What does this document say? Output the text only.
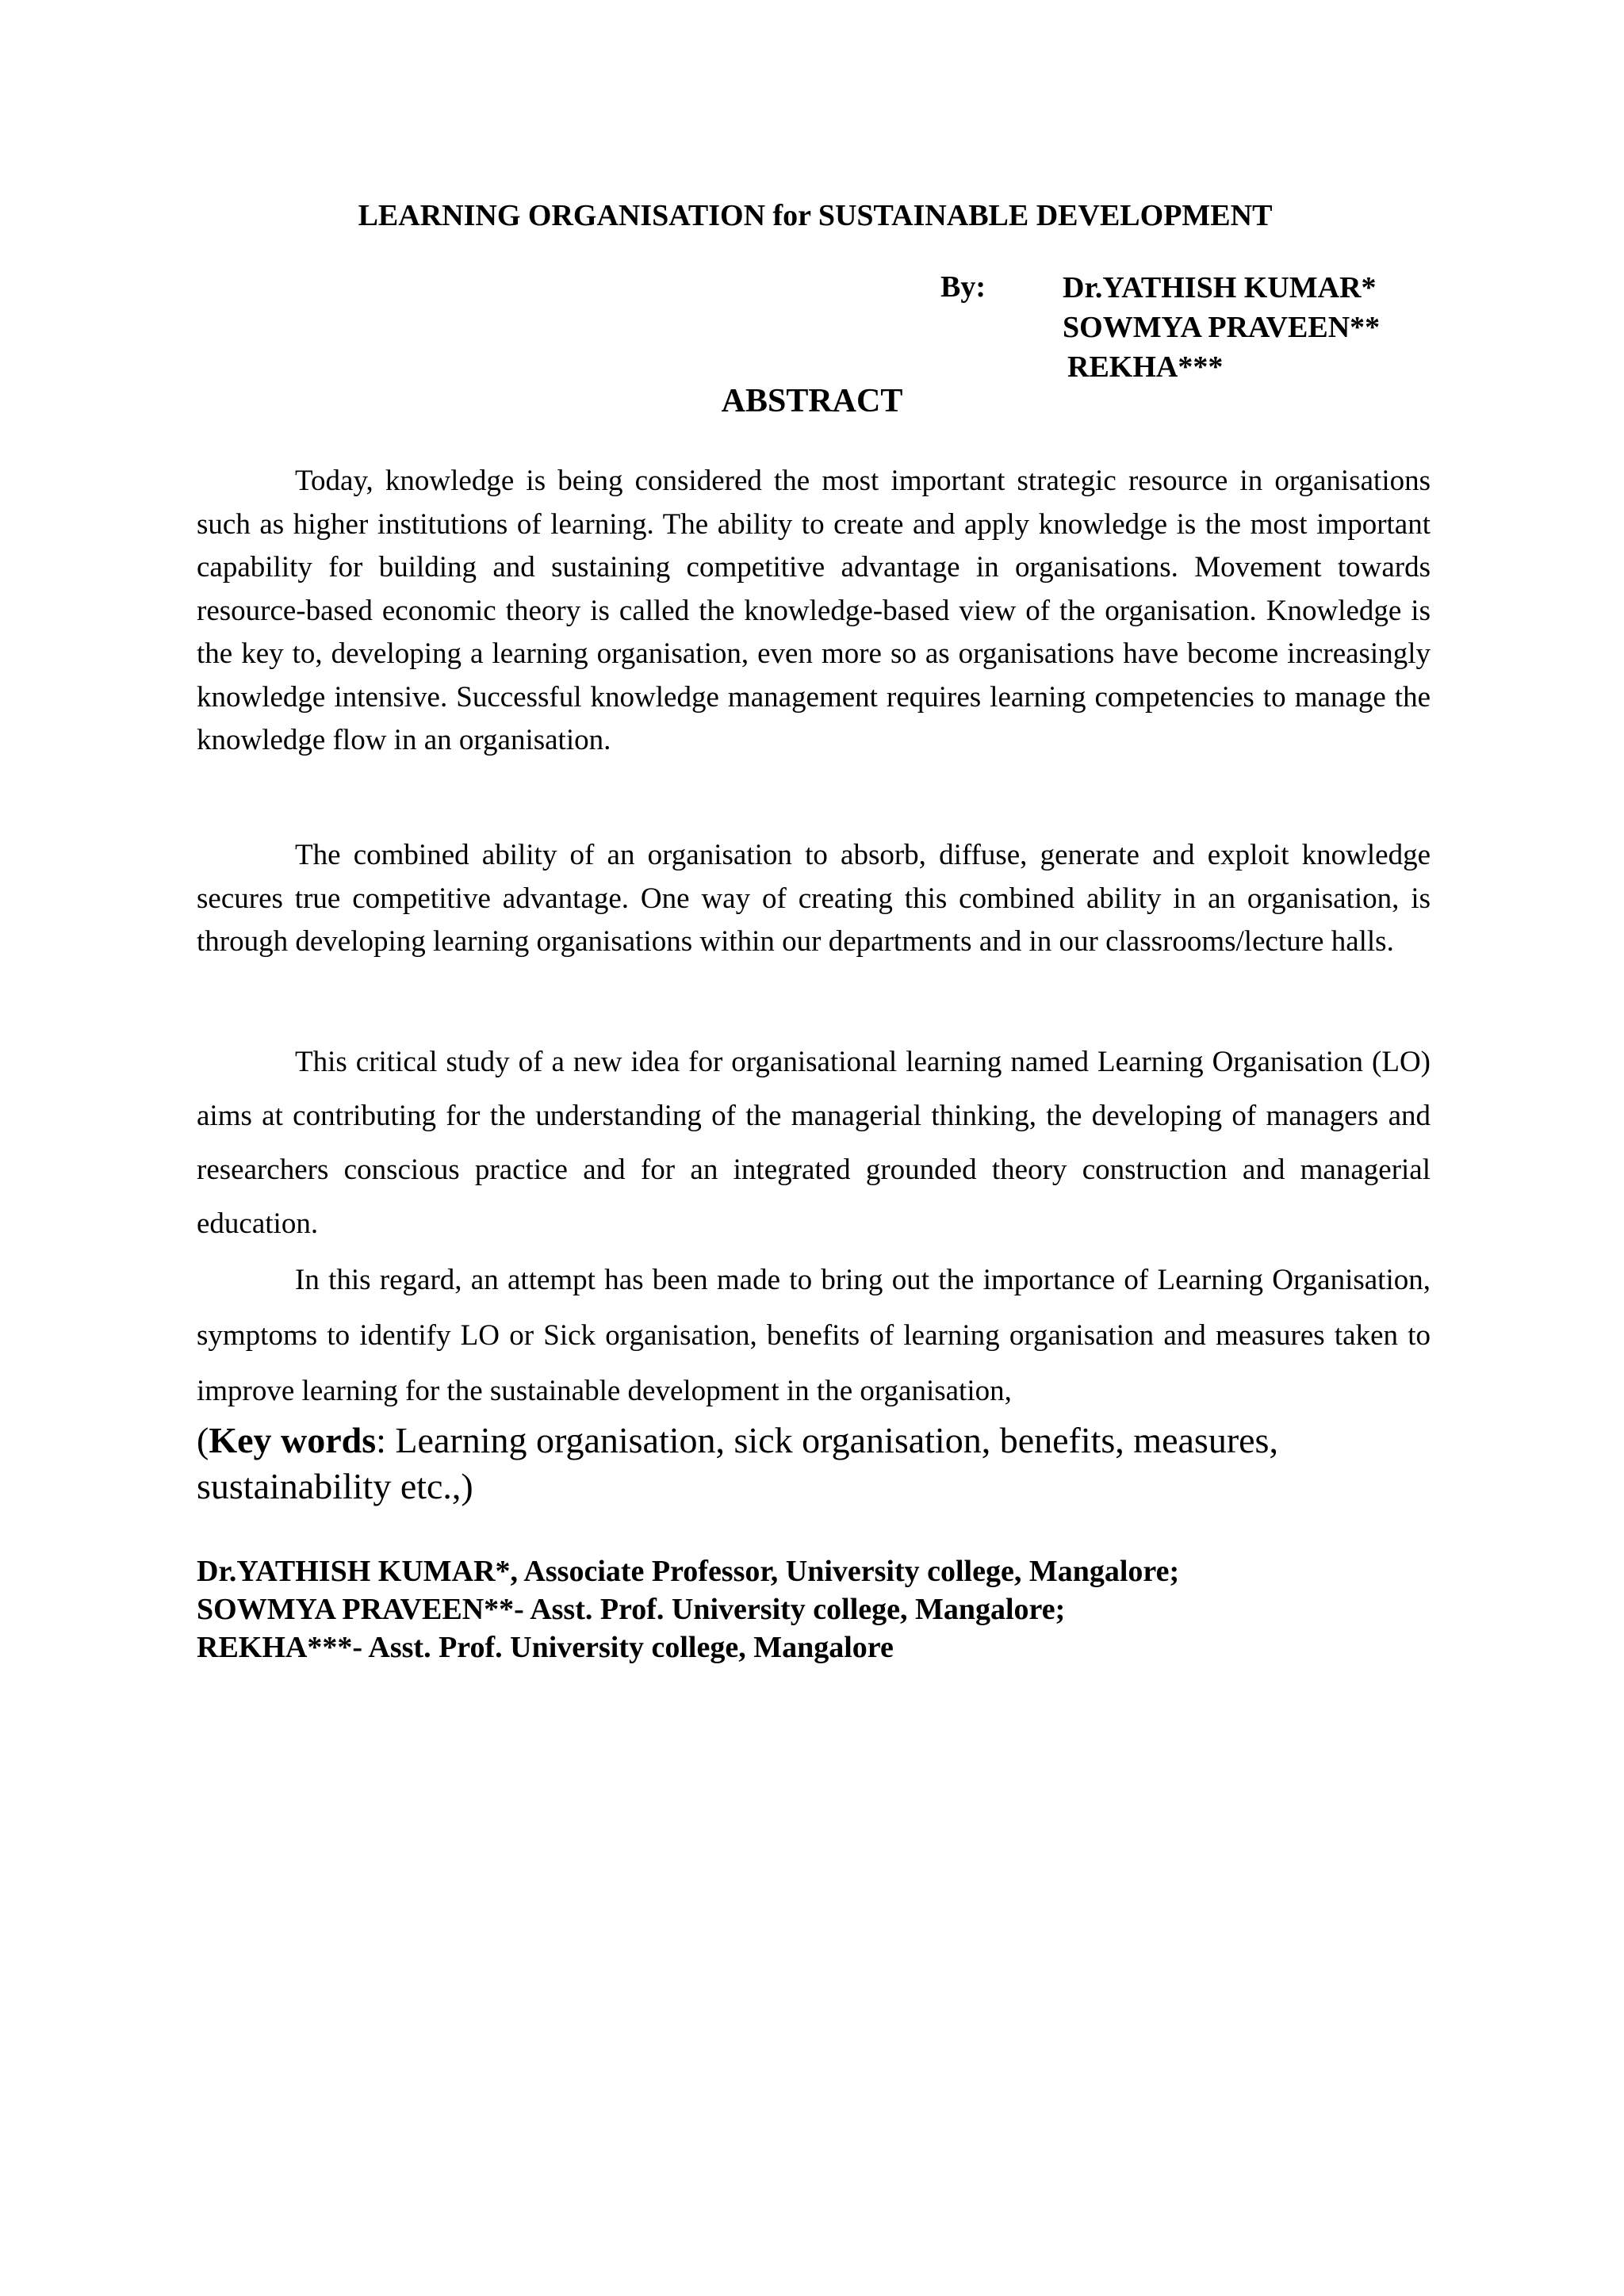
LEARNING ORGANISATION for SUSTAINABLE DEVELOPMENT
By:	Dr.YATHISH KUMAR*
SOWMYA PRAVEEN**
REKHA***
ABSTRACT

Today, knowledge is being considered the most important strategic resource in organisations such as higher institutions of learning. The ability to create and apply knowledge is the most important capability for building and sustaining competitive advantage in organisations. Movement towards resource-based economic theory is called the knowledge-based view of the organisation. Knowledge is the key to, developing a learning organisation, even more so as organisations have become increasingly knowledge intensive. Successful knowledge management requires learning competencies to manage the knowledge flow in an organisation.

The combined ability of an organisation to absorb, diffuse, generate and exploit knowledge secures true competitive advantage. One way of creating this combined ability in an organisation, is through developing learning organisations within our departments and in our classrooms/lecture halls.

This critical study of a new idea for organisational learning named Learning Organisation (LO) aims at contributing for the understanding of the managerial thinking, the developing of managers and researchers conscious practice and for an integrated grounded theory construction and managerial education.

In this regard, an attempt has been made to bring out the importance of Learning Organisation, symptoms to identify LO or Sick organisation, benefits of learning organisation and measures taken to improve learning for the sustainable development in the organisation,

(Key words: Learning organisation, sick organisation, benefits, measures, sustainability etc.,)
Dr.YATHISH KUMAR*, Associate Professor, University college, Mangalore;
SOWMYA PRAVEEN**- Asst. Prof. University college, Mangalore;
REKHA***- Asst. Prof. University college, Mangalore
